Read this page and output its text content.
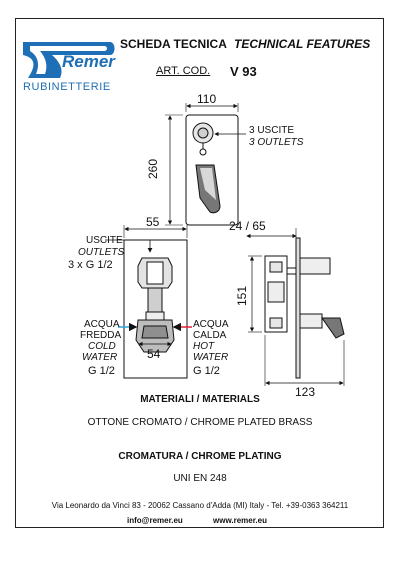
Remer
RUBINETTERIE
SCHEDA TECNICA TECHNICAL FEATURES
ART. COD. V 93
110
260
3 USCITE
3 OUTLETS
55
USCITE
OUTLETS
3 x G 1/2
ACQUA
FREDDA
COLD
WATER
G 1/2
54
ACQUA
CALDA
HOT
WATER
G 1/2
24 / 65
151
123
MATERIALI / MATERIALS
OTTONE CROMATO / CHROME PLATED BRASS
CROMATURA / CHROME PLATING
UNI EN 248
Via Leonardo da Vinci 83 - 20062 Cassano d'Adda (MI) Italy - Tel. +39-0363 364211
info@remer.eu	www.remer.eu
